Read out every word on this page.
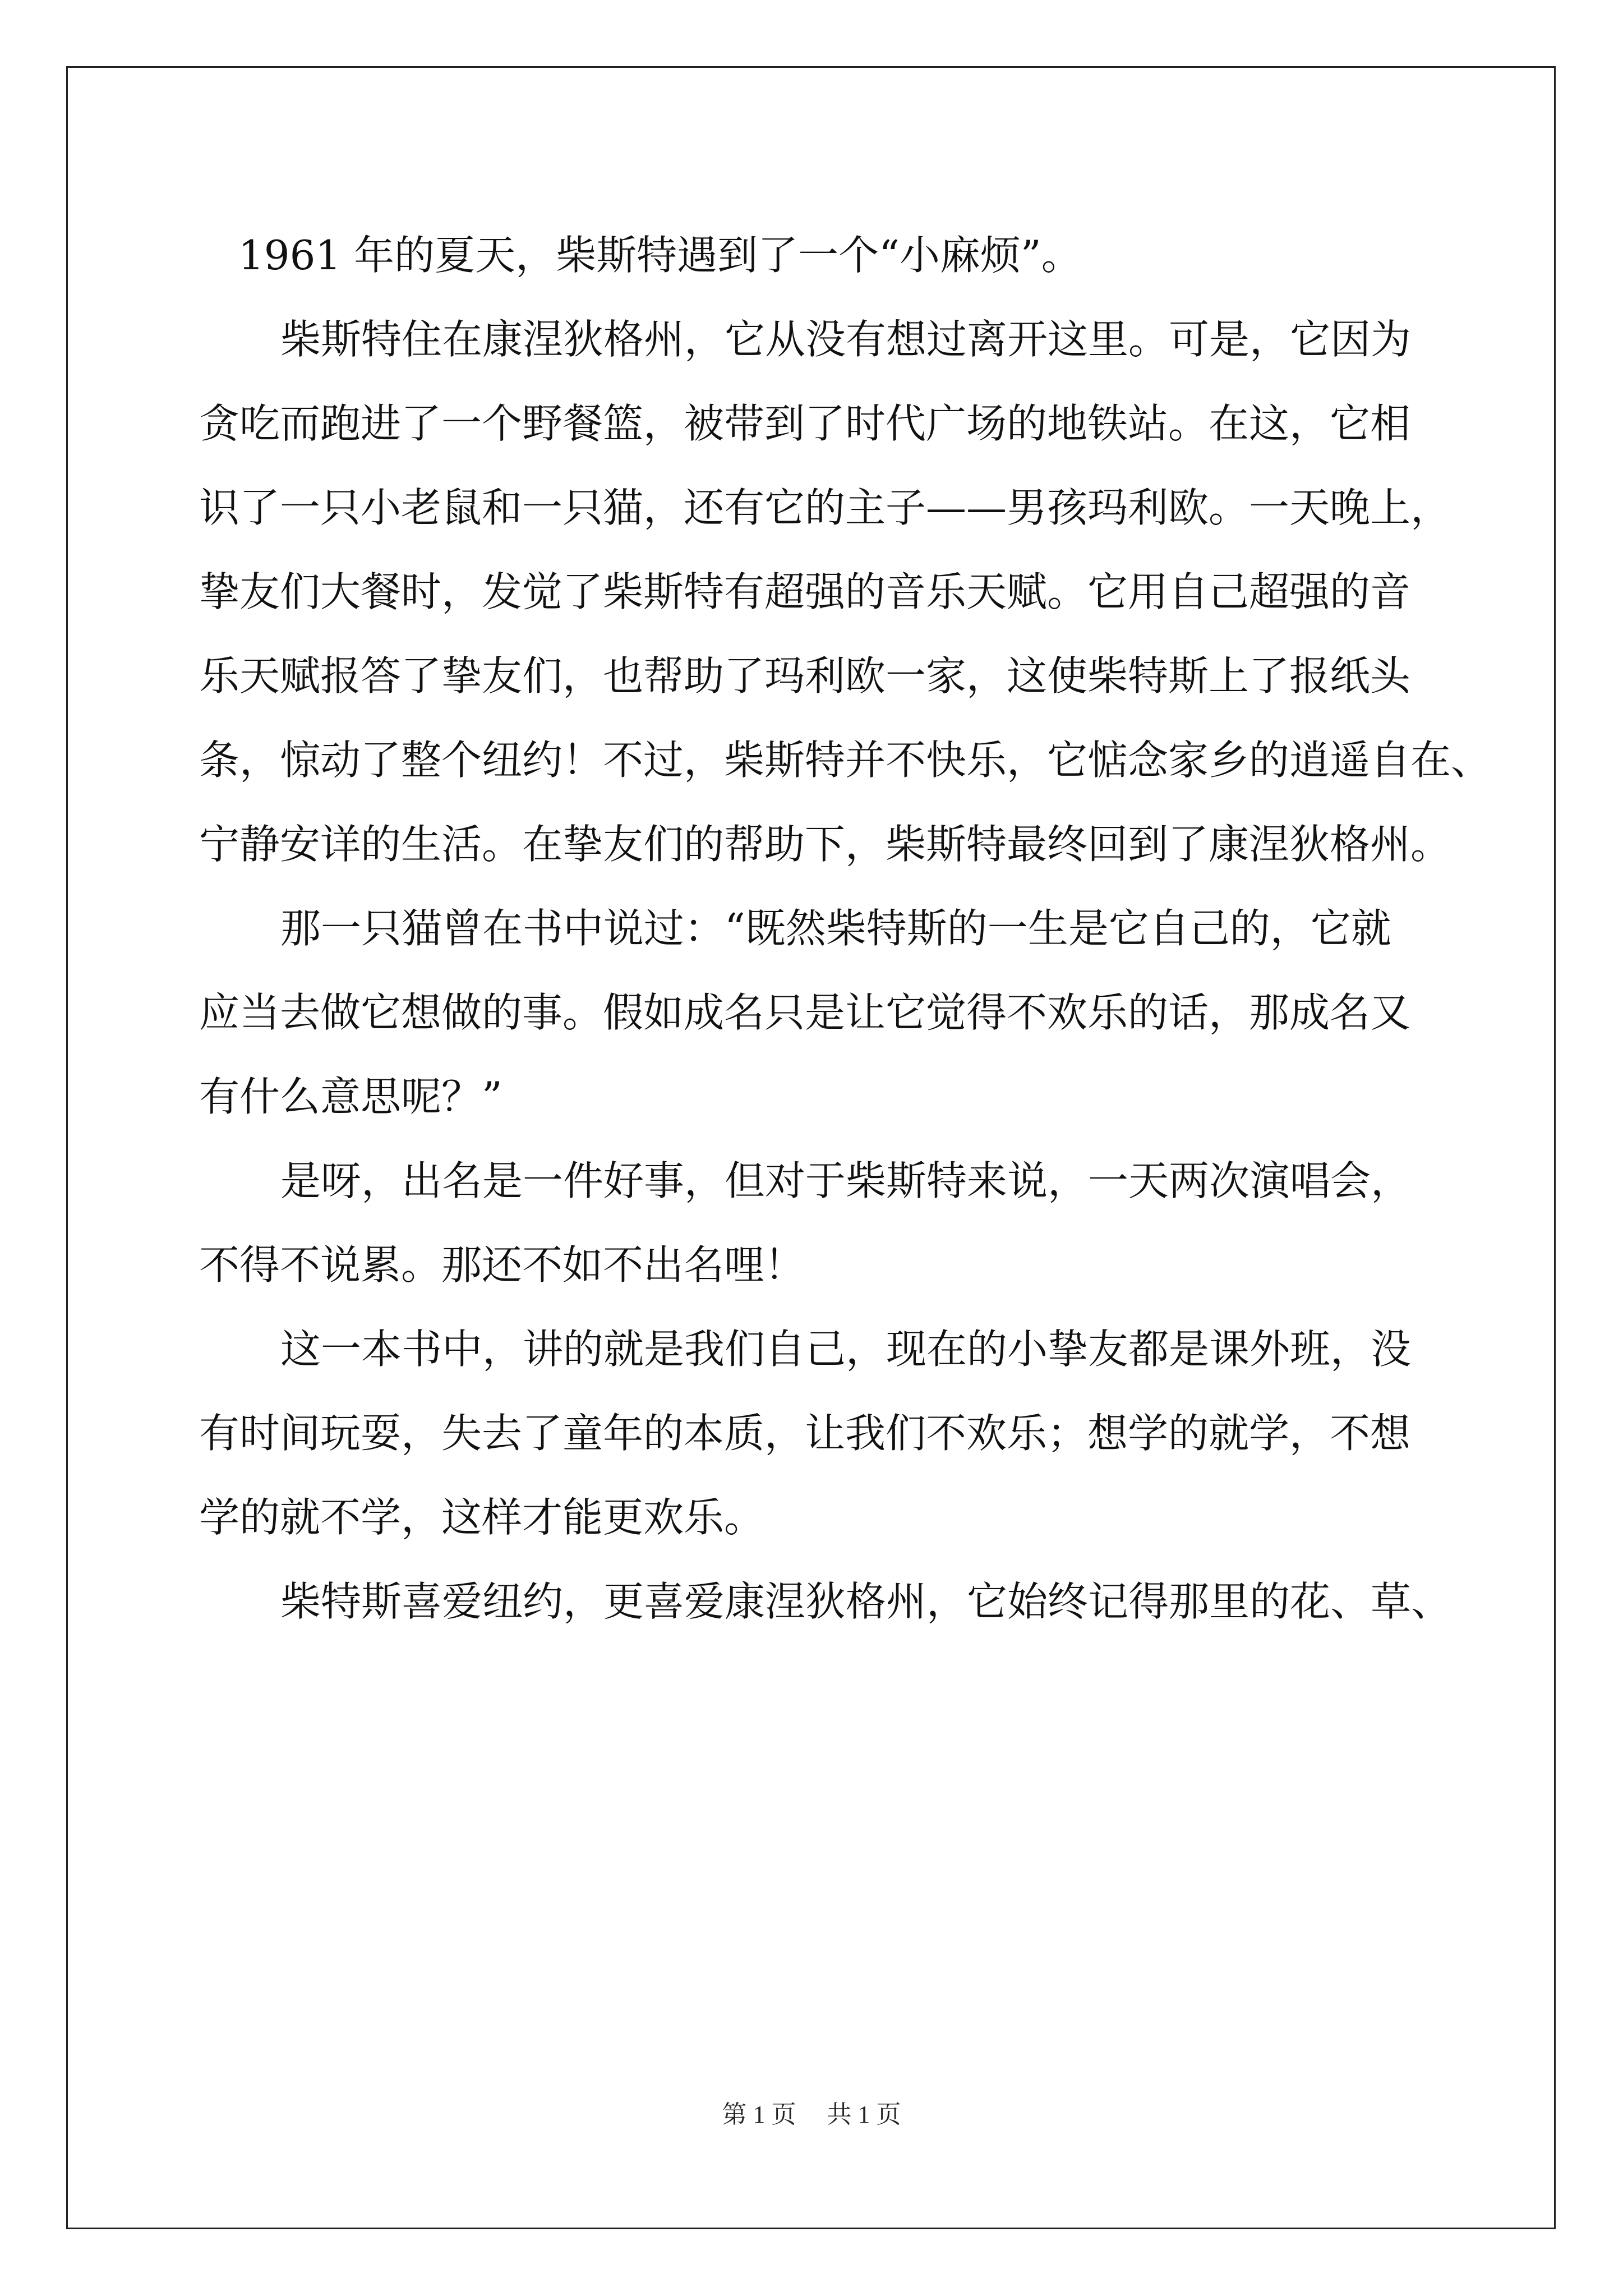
1961 年的夏天，柴斯特遇到了一个“小麻烦”。
柴斯特住在康涅狄格州，它从没有想过离开这里。可是，它因为
贪吃而跑进了一个野餐篮，被带到了时代广场的地铁站。在这，它相
识了一只小老鼠和一只猫，还有它的主子——男孩玛利欧。一天晚上，
挚友们大餐时，发觉了柴斯特有超强的音乐天赋。它用自己超强的音
乐天赋报答了挚友们，也帮助了玛利欧一家，这使柴特斯上了报纸头
条，惊动了整个纽约！不过，柴斯特并不快乐，它惦念家乡的逍遥自在、
宁静安详的生活。在挚友们的帮助下，柴斯特最终回到了康涅狄格州。
那一只猫曾在书中说过：“既然柴特斯的一生是它自己的，它就
应当去做它想做的事。假如成名只是让它觉得不欢乐的话，那成名又
有什么意思呢？”
是呀，出名是一件好事，但对于柴斯特来说，一天两次演唱会，
不得不说累。那还不如不出名哩！
这一本书中，讲的就是我们自己，现在的小挚友都是课外班，没
有时间玩耍，失去了童年的本质，让我们不欢乐；想学的就学，不想
学的就不学，这样才能更欢乐。
柴特斯喜爱纽约，更喜爱康涅狄格州，它始终记得那里的花、草、
第 1 页 共 1 页
